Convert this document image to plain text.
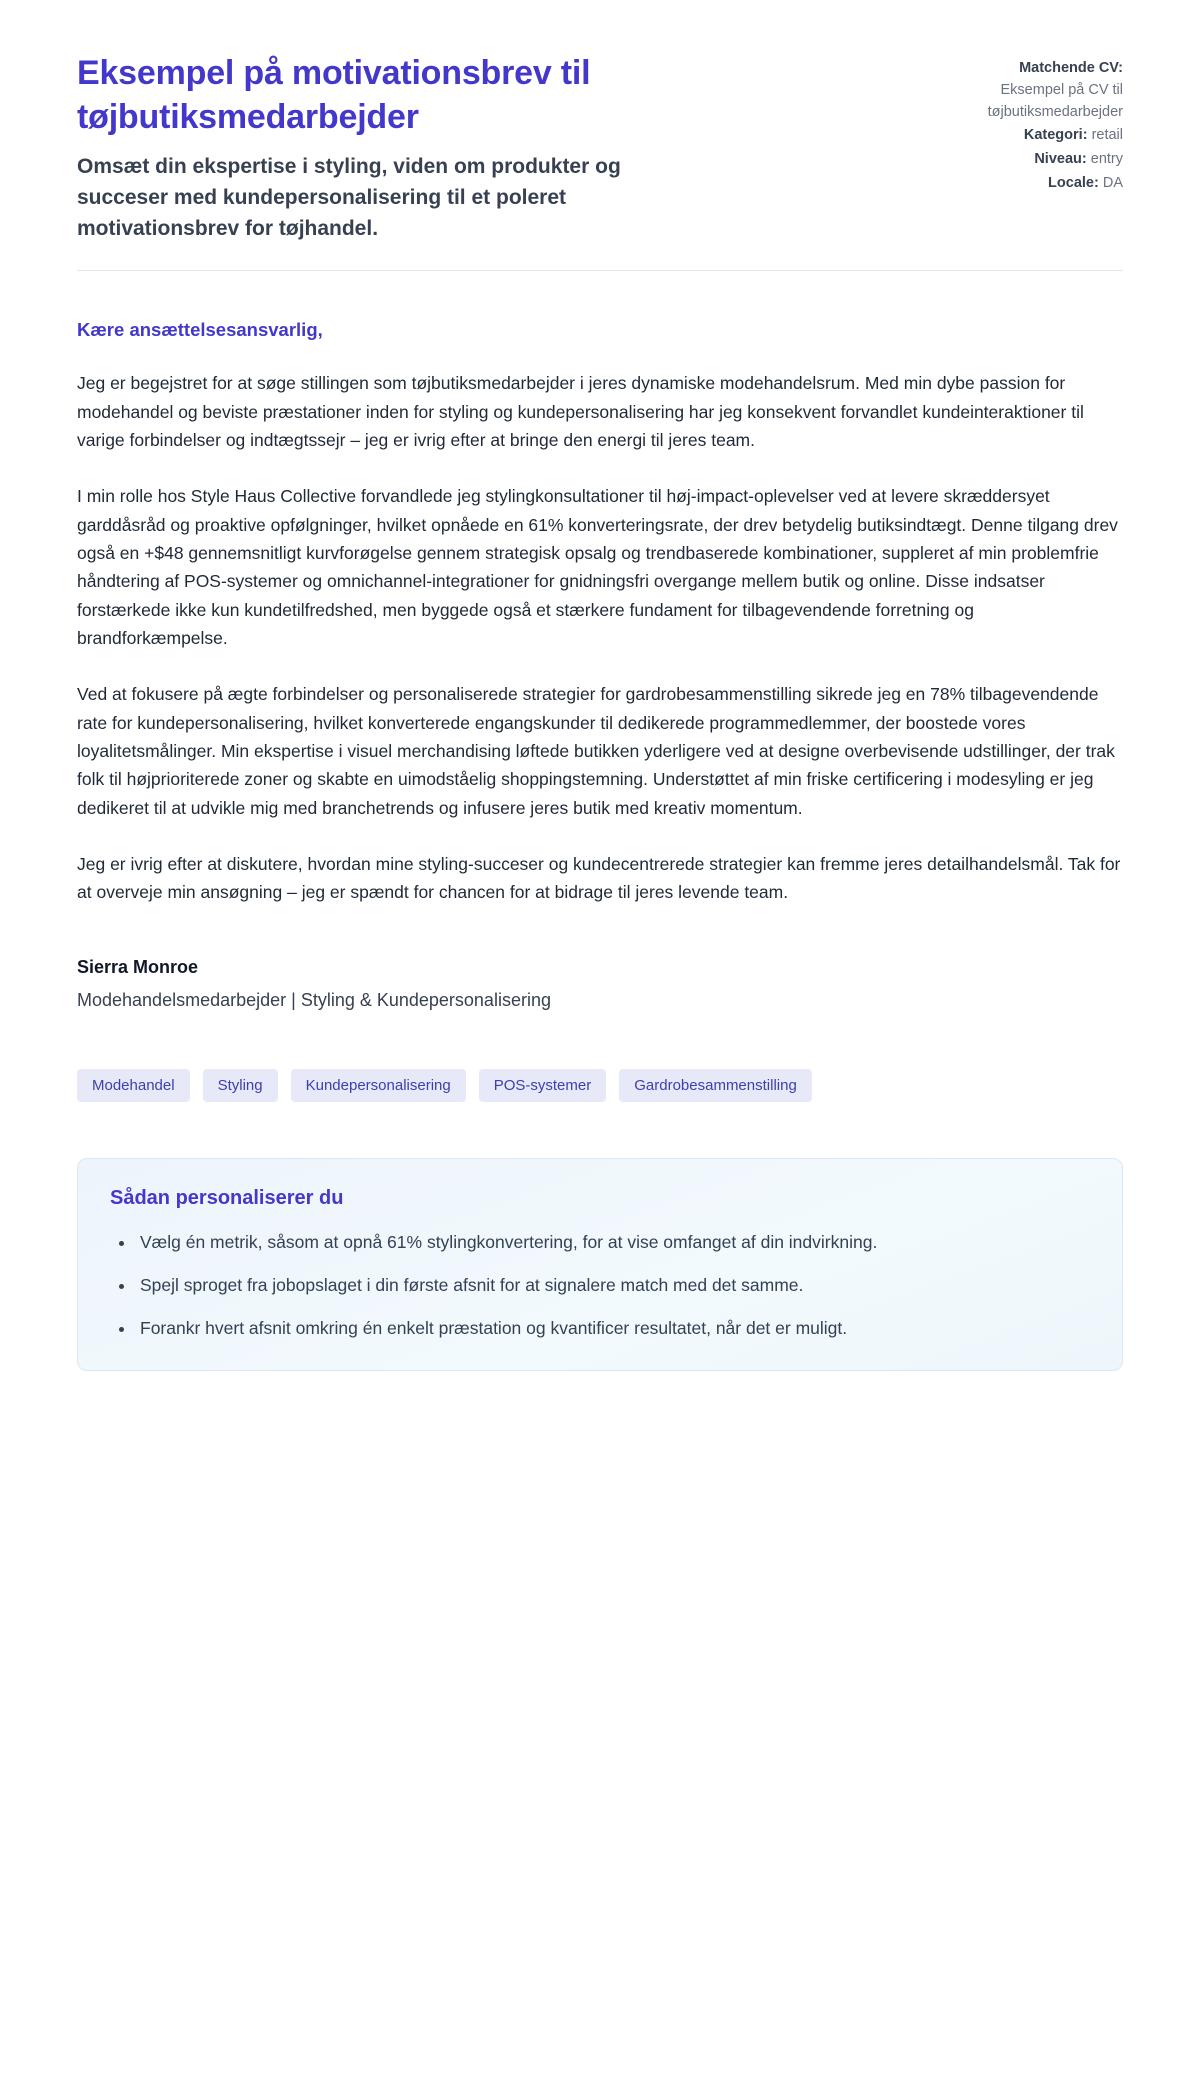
Eksempel på motivationsbrev til tøjbutiksmedarbejder

Omsæt din ekspertise i styling, viden om produkter og succeser med kundepersonalisering til et poleret motivationsbrev for tøjhandel.

Matchende CV:
Eksempel på CV til tøjbutiksmedarbejder
Kategori: retail
Niveau: entry
Locale: DA
Kære ansættelsesansvarlig,

Jeg er begejstret for at søge stillingen som tøjbutiksmedarbejder i jeres dynamiske modehandelsrum. Med min dybe passion for modehandel og beviste præstationer inden for styling og kundepersonalisering har jeg konsekvent forvandlet kundeinteraktioner til varige forbindelser og indtægtssejr – jeg er ivrig efter at bringe den energi til jeres team.

I min rolle hos Style Haus Collective forvandlede jeg stylingkonsultationer til høj-impact-oplevelser ved at levere skræddersyet garddåsråd og proaktive opfølgninger, hvilket opnåede en 61% konverteringsrate, der drev betydelig butiksindtægt. Denne tilgang drev også en +$48 gennemsnitligt kurvforøgelse gennem strategisk opsalg og trendbaserede kombinationer, suppleret af min problemfrie håndtering af POS-systemer og omnichannel-integrationer for gnidningsfri overgange mellem butik og online. Disse indsatser forstærkede ikke kun kundetilfredshed, men byggede også et stærkere fundament for tilbagevendende forretning og brandforkæmpelse.

Ved at fokusere på ægte forbindelser og personaliserede strategier for gardrobesammenstilling sikrede jeg en 78% tilbagevendende rate for kundepersonalisering, hvilket konverterede engangskunder til dedikerede programmedlemmer, der boostede vores loyalitetsmålinger. Min ekspertise i visuel merchandising løftede butikken yderligere ved at designe overbevisende udstillinger, der trak folk til højprioriterede zoner og skabte en uimodståelig shoppingstemning. Understøttet af min friske certificering i modesyling er jeg dedikeret til at udvikle mig med branchetrends og infusere jeres butik med kreativ momentum.

Jeg er ivrig efter at diskutere, hvordan mine styling-succeser og kundecentrerede strategier kan fremme jeres detailhandelsmål. Tak for at overveje min ansøgning – jeg er spændt for chancen for at bidrage til jeres levende team.

Sierra Monroe

Modehandelsmedarbejder | Styling & Kundepersonalisering

Modehandel	Styling	Kundepersonalisering	POS-systemer	Gardrobesammenstilling
Sådan personaliserer du
• Vælg én metrik, såsom at opnå 61% stylingkonvertering, for at vise omfanget af din indvirkning.
• Spejl sproget fra jobopslaget i din første afsnit for at signalere match med det samme.
• Forankr hvert afsnit omkring én enkelt præstation og kvantificer resultatet, når det er muligt.
